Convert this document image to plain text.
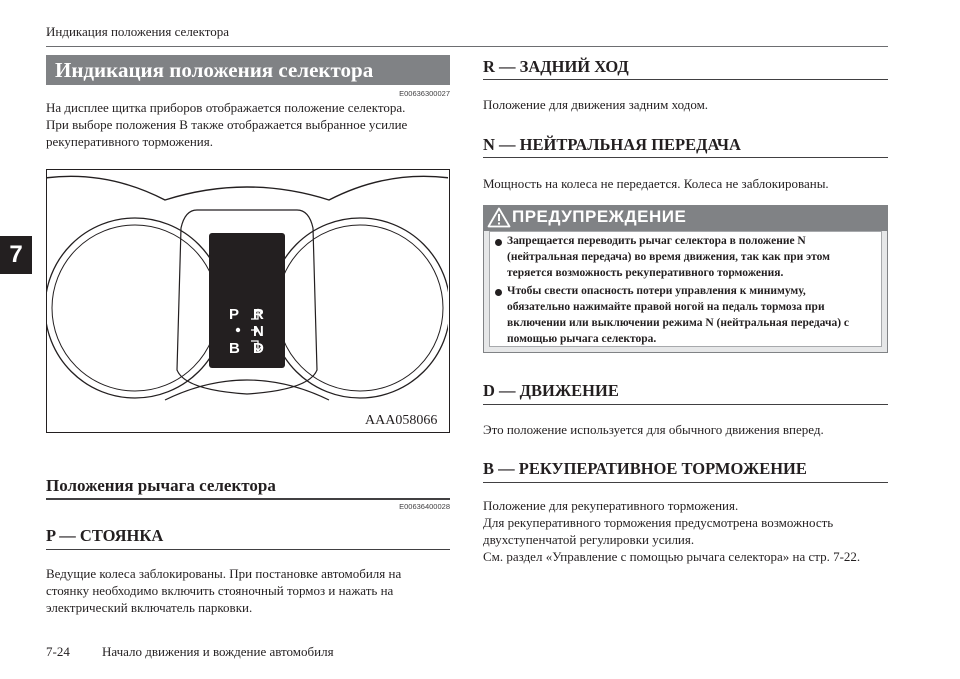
Индикация положения селектора
7
Индикация положения селектора
E00636300027
На дисплее щитка приборов отображается положение селектора.
При выборе положения B также отображается выбранное усилие
рекуперативного торможения.
P R
N
B D
AAA058066
Положения рычага селектора
E00636400028
P — СТОЯНКА
Ведущие колеса заблокированы. При постановке автомобиля на
стоянку необходимо включить стояночный тормоз и нажать на
электрический включатель парковки.
R — ЗАДНИЙ ХОД
Положение для движения задним ходом.
N — НЕЙТРАЛЬНАЯ ПЕРЕДАЧА
Мощность на колеса не передается. Колеса не заблокированы.
ПРЕДУПРЕЖДЕНИЕ
Запрещается переводить рычаг селектора в положение N
(нейтральная передача) во время движения, так как при этом
теряется возможность рекуперативного торможения.
Чтобы свести опасность потери управления к минимуму,
обязательно нажимайте правой ногой на педаль тормоза при
включении или выключении режима N (нейтральная передача) с
помощью рычага селектора.
D — ДВИЖЕНИЕ
Это положение используется для обычного движения вперед.
B — РЕКУПЕРАТИВНОЕ ТОРМОЖЕНИЕ
Положение для рекуперативного торможения.
Для рекуперативного торможения предусмотрена возможность
двухступенчатой регулировки усилия.
См. раздел «Управление с помощью рычага селектора» на стр. 7-22.
7-24 Начало движения и вождение автомобиля
